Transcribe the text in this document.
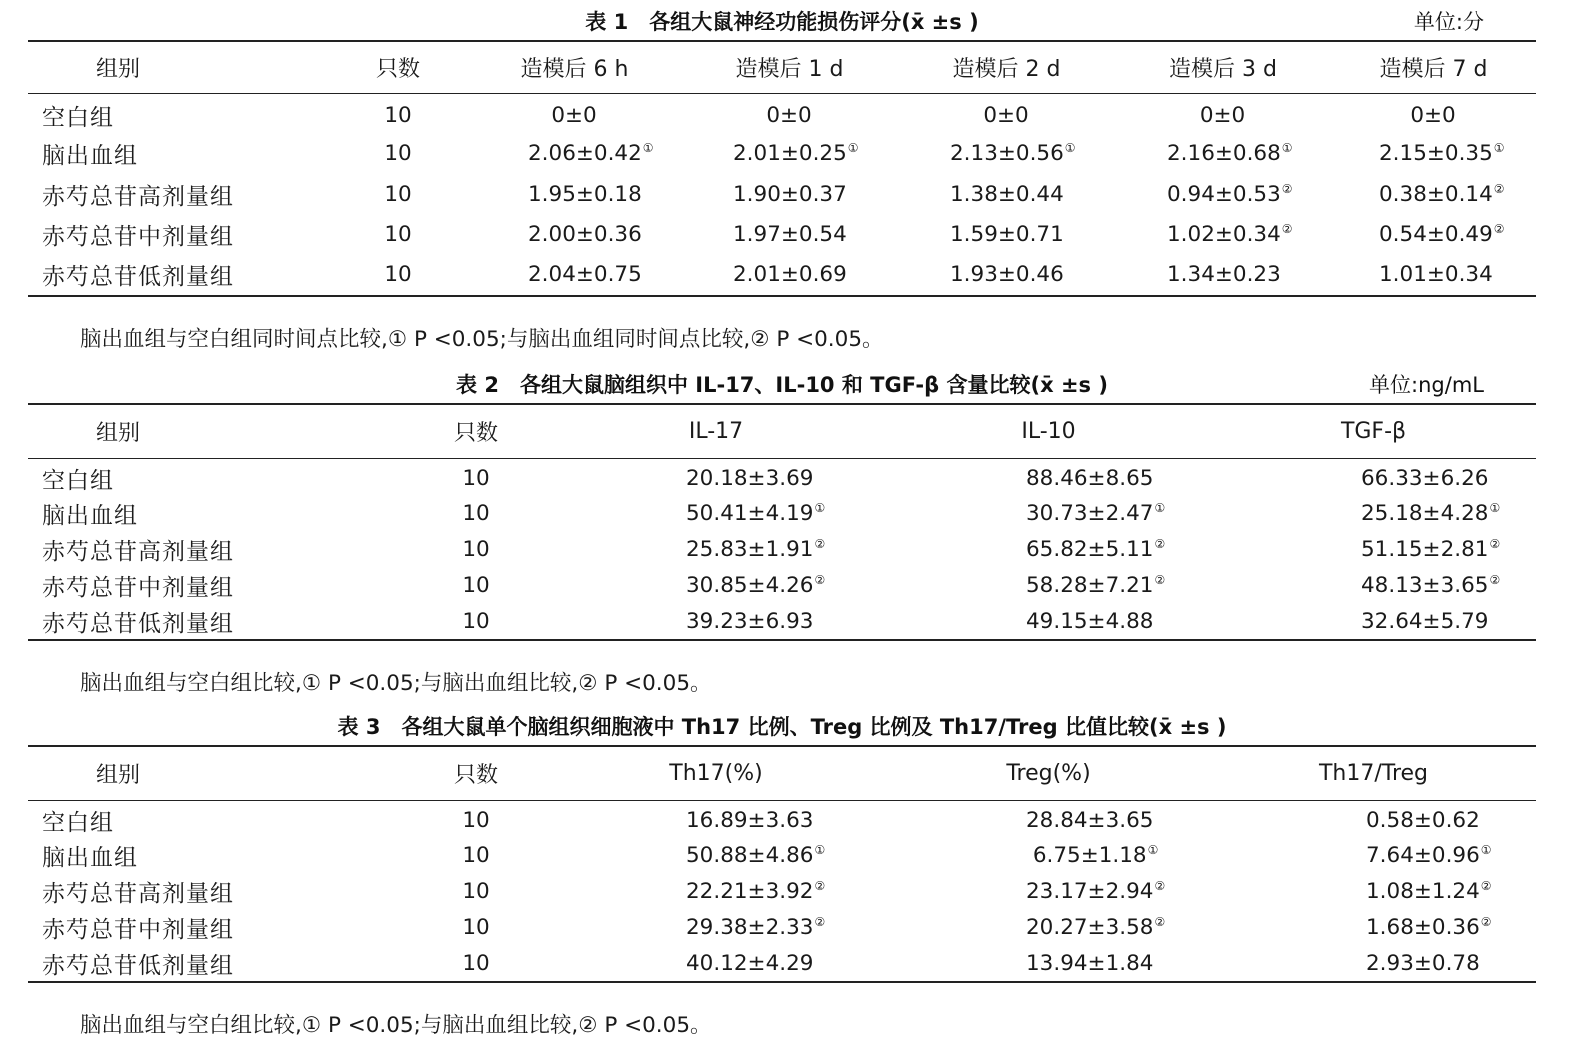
表 1　各组大鼠神经功能损伤评分(x̄ ±s )	单位:分
组别	只数	造模后 6 h	造模后 1 d	造模后 2 d	造模后 3 d	造模后 7 d
空白组	10	0±0	0±0	0±0	0±0	0±0
脑出血组	10	2.06±0.42①	2.01±0.25①	2.13±0.56①	2.16±0.68①	2.15±0.35①
赤芍总苷高剂量组	10	1.95±0.18	1.90±0.37	1.38±0.44	0.94±0.53②	0.38±0.14②
赤芍总苷中剂量组	10	2.00±0.36	1.97±0.54	1.59±0.71	1.02±0.34②	0.54±0.49②
赤芍总苷低剂量组	10	2.04±0.75	2.01±0.69	1.93±0.46	1.34±0.23	1.01±0.34
脑出血组与空白组同时间点比较,① P <0.05;与脑出血组同时间点比较,② P <0.05。
表 2　各组大鼠脑组织中 IL-17、IL-10 和 TGF-β 含量比较(x̄ ±s )	单位:ng/mL
组别	只数	IL-17	IL-10	TGF-β
空白组	10	20.18±3.69	88.46±8.65	66.33±6.26
脑出血组	10	50.41±4.19①	30.73±2.47①	25.18±4.28①
赤芍总苷高剂量组	10	25.83±1.91②	65.82±5.11②	51.15±2.81②
赤芍总苷中剂量组	10	30.85±4.26②	58.28±7.21②	48.13±3.65②
赤芍总苷低剂量组	10	39.23±6.93	49.15±4.88	32.64±5.79
脑出血组与空白组比较,① P <0.05;与脑出血组比较,② P <0.05。
表 3　各组大鼠单个脑组织细胞液中 Th17 比例、Treg 比例及 Th17/Treg 比值比较(x̄ ±s )
组别	只数	Th17(%)	Treg(%)	Th17/Treg
空白组	10	16.89±3.63	28.84±3.65	0.58±0.62
脑出血组	10	50.88±4.86①	6.75±1.18①	7.64±0.96①
赤芍总苷高剂量组	10	22.21±3.92②	23.17±2.94②	1.08±1.24②
赤芍总苷中剂量组	10	29.38±2.33②	20.27±3.58②	1.68±0.36②
赤芍总苷低剂量组	10	40.12±4.29	13.94±1.84	2.93±0.78
脑出血组与空白组比较,① P <0.05;与脑出血组比较,② P <0.05。
